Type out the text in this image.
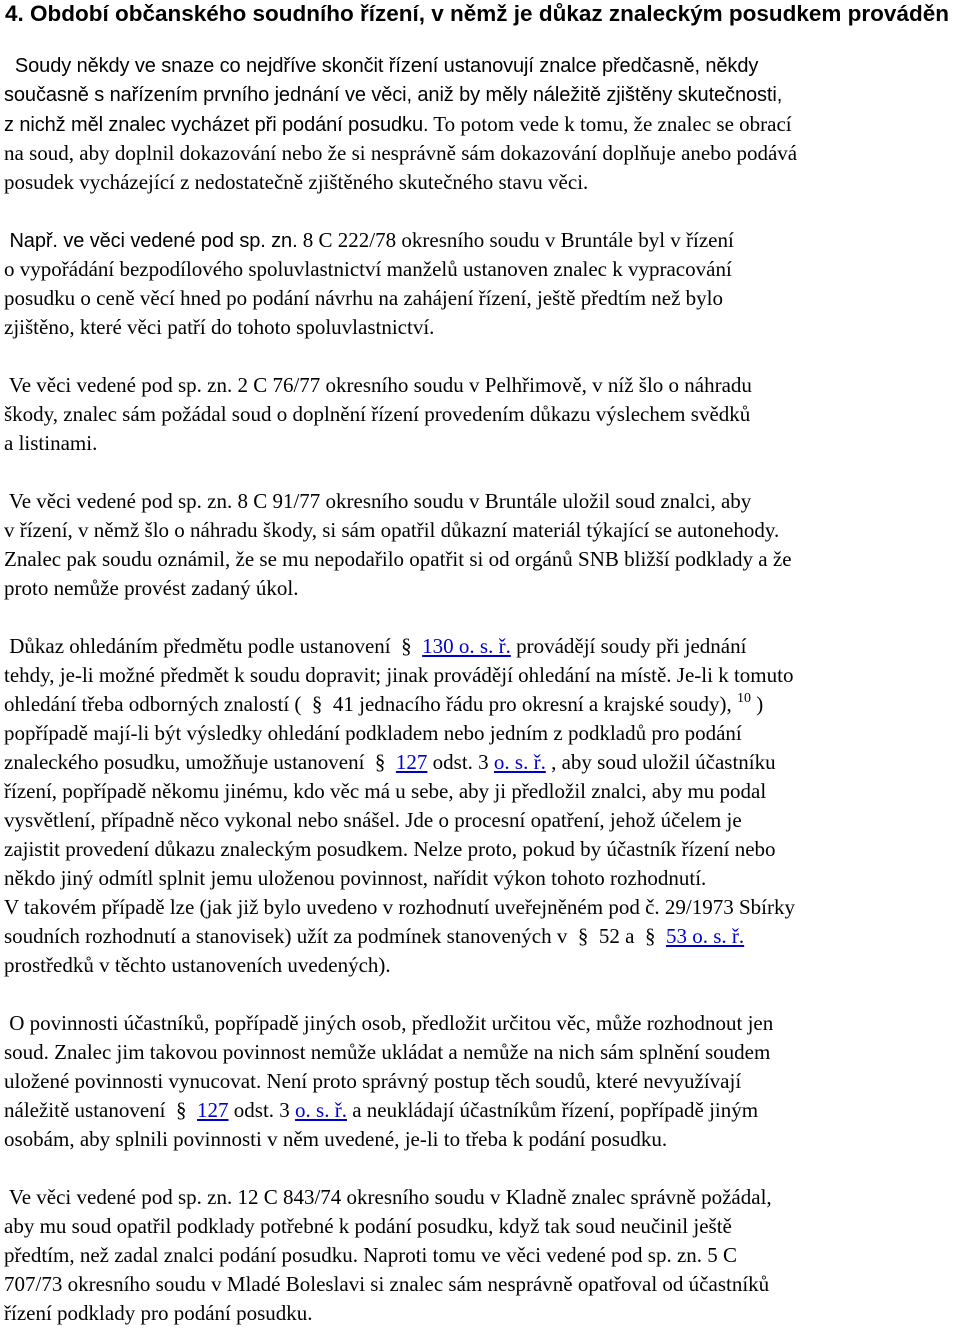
4. Období občanského soudního řízení, v němž je důkaz znaleckým posudkem prováděn

Soudy někdy ve snaze co nejdříve skončit řízení ustanovují znalce předčasně, někdy

současně s nařízením prvního jednání ve věci, aniž by měly náležitě zjištěny skutečnosti,

z nichž měl znalec vycházet při podání posudku. To potom vede k tomu, že znalec se obrací

na soud, aby doplnil dokazování nebo že si nesprávně sám dokazování doplňuje anebo podává

posudek vycházející z nedostatečně zjištěného skutečného stavu věci.

Např. ve věci vedené pod sp. zn. 8 C 222/78 okresního soudu v Bruntále byl v řízení

o vypořádání bezpodílového spoluvlastnictví manželů ustanoven znalec k vypracování

posudku o ceně věcí hned po podání návrhu na zahájení řízení, ještě předtím než bylo

zjištěno, které věci patří do tohoto spoluvlastnictví.

Ve věci vedené pod sp. zn. 2 C 76/77 okresního soudu v Pelhřimově, v níž šlo o náhradu

škody, znalec sám požádal soud o doplnění řízení provedením důkazu výslechem svědků

a listinami.

Ve věci vedené pod sp. zn. 8 C 91/77 okresního soudu v Bruntále uložil soud znalci, aby

v řízení, v němž šlo o náhradu škody, si sám opatřil důkazní materiál týkající se autonehody.

Znalec pak soudu oznámil, že se mu nepodařilo opatřit si od orgánů SNB bližší podklady a že

proto nemůže provést zadaný úkol.

Důkaz ohledáním předmětu podle ustanovení  §  130 o. s. ř. provádějí soudy při jednání

tehdy, je-li možné předmět k soudu dopravit; jinak provádějí ohledání na místě. Je-li k tomuto

ohledání třeba odborných znalostí (  §  41 jednacího řádu pro okresní a krajské soudy), $^{10}$ )

popřípadě mají-li být výsledky ohledání podkladem nebo jedním z podkladů pro podání

znaleckého posudku, umožňuje ustanovení  §  127 odst. 3 o. s. ř. , aby soud uložil účastníku

řízení, popřípadě někomu jinému, kdo věc má u sebe, aby ji předložil znalci, aby mu podal

vysvětlení, případně něco vykonal nebo snášel. Jde o procesní opatření, jehož účelem je

zajistit provedení důkazu znaleckým posudkem. Nelze proto, pokud by účastník řízení nebo

někdo jiný odmítl splnit jemu uloženou povinnost, nařídit výkon tohoto rozhodnutí.

V takovém případě lze (jak již bylo uvedeno v rozhodnutí uveřejněném pod č. 29/1973 Sbírky

soudních rozhodnutí a stanovisek) užít za podmínek stanovených v  §  52 a  §  53 o. s. ř.

prostředků v těchto ustanoveních uvedených).

O povinnosti účastníků, popřípadě jiných osob, předložit určitou věc, může rozhodnout jen

soud. Znalec jim takovou povinnost nemůže ukládat a nemůže na nich sám splnění soudem

uložené povinnosti vynucovat. Není proto správný postup těch soudů, které nevyužívají

náležitě ustanovení  §  127 odst. 3 o. s. ř. a neukládají účastníkům řízení, popřípadě jiným

osobám, aby splnili povinnosti v něm uvedené, je-li to třeba k podání posudku.

Ve věci vedené pod sp. zn. 12 C 843/74 okresního soudu v Kladně znalec správně požádal,

aby mu soud opatřil podklady potřebné k podání posudku, když tak soud neučinil ještě

předtím, než zadal znalci podání posudku. Naproti tomu ve věci vedené pod sp. zn. 5 C

707/73 okresního soudu v Mladé Boleslavi si znalec sám nesprávně opatřoval od účastníků

řízení podklady pro podání posudku.
